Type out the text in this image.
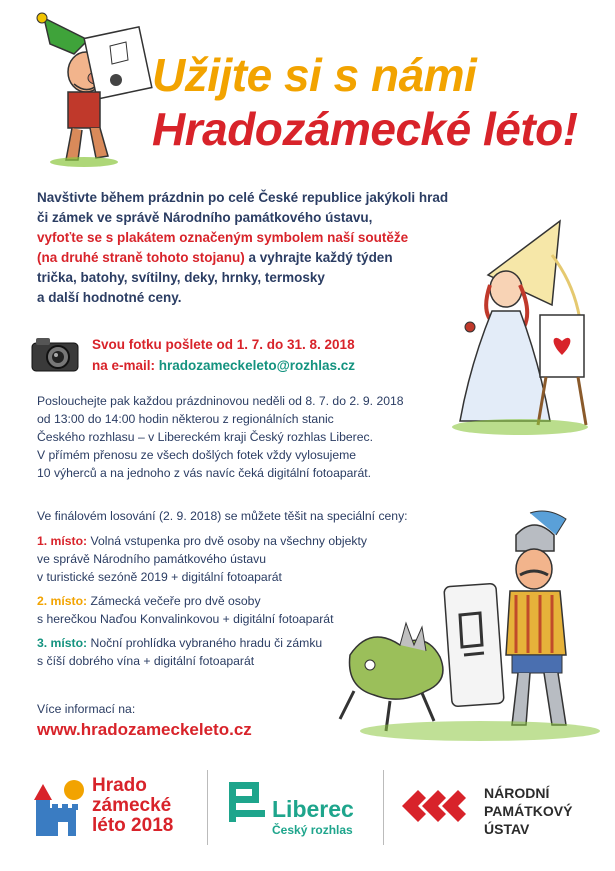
Užijte si s námi
Hradozámecké léto!
Navštivte během prázdnin po celé České republice jakýkoli hrad
či zámek ve správě Národního památkového ústavu,
vyfoťte se s plakátem označeným symbolem naší soutěže
(na druhé straně tohoto stojanu) a vyhrajte každý týden
trička, batohy, svítilny, deky, hrnky, termosky
a další hodnotné ceny.
Svou fotku pošlete od 1. 7. do 31. 8. 2018
na e-mail: hradozameckeleto@rozhlas.cz
Poslouchejte pak každou prázdninovou neděli od 8. 7. do 2. 9. 2018
od 13:00 do 14:00 hodin některou z regionálních stanic
Českého rozhlasu – v Libereckém kraji Český rozhlas Liberec.
V přímém přenosu ze všech došlých fotek vždy vylosujeme
10 výherců a na jednoho z vás navíc čeká digitální fotoaparát.
Ve finálovém losování (2. 9. 2018) se můžete těšit na speciální ceny:
1. místo: Volná vstupenka pro dvě osoby na všechny objekty
ve správě Národního památkového ústavu
v turistické sezóně 2019 + digitální fotoaparát
2. místo: Zámecká večeře pro dvě osoby
s herečkou Naďou Konvalinkovou + digitální fotoaparát
3. místo: Noční prohlídka vybraného hradu či zámku
s číší dobrého vína + digitální fotoaparát
Více informací na:
www.hradozameckeleto.cz
Hrado
zámecké
léto 2018
Liberec
Český rozhlas
NÁRODNÍ
PAMÁTKOVÝ
ÚSTAV
